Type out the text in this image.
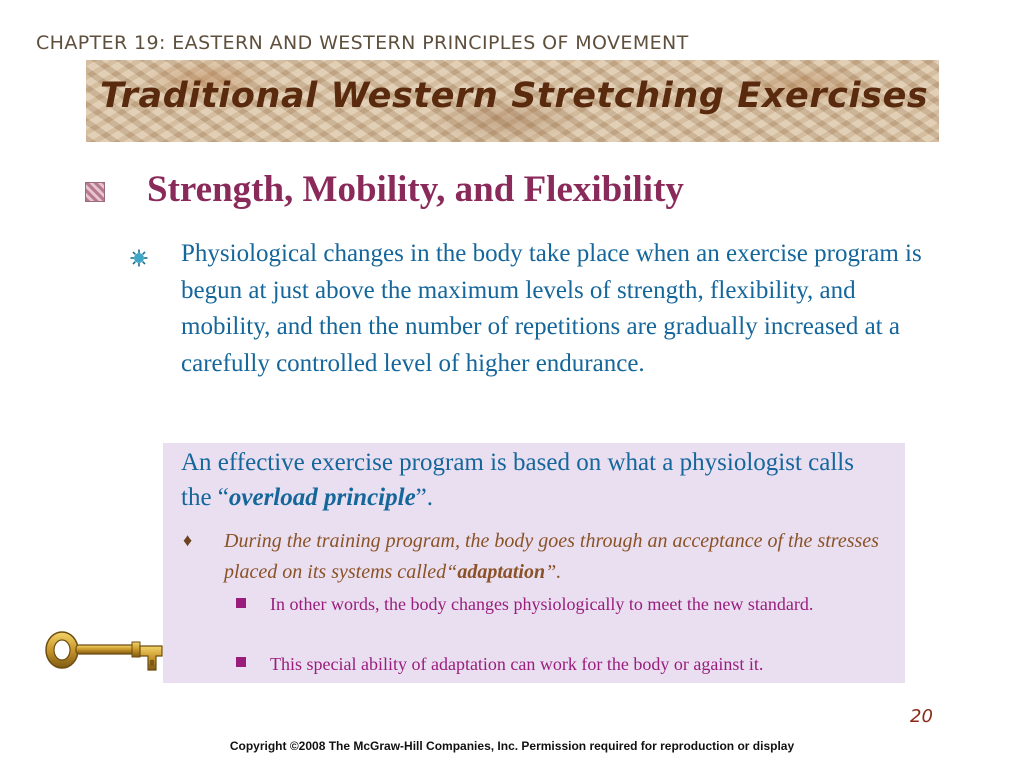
CHAPTER 19: EASTERN AND WESTERN PRINCIPLES OF MOVEMENT
Traditional Western Stretching Exercises
Strength, Mobility, and Flexibility
Physiological changes in the body take place when an exercise program is begun at just above the maximum levels of strength, flexibility, and mobility, and then the number of repetitions are gradually increased at a carefully controlled level of higher endurance.
An effective exercise program is based on what a physiologist calls the “overload principle”.
♦ During the training program, the body goes through an acceptance of the stresses placed on its systems called“adaptation”.
In other words, the body changes physiologically to meet the new standard.
This special ability of adaptation can work for the body or against it.
20
Copyright ©2008 The McGraw-Hill Companies, Inc. Permission required for reproduction or display
